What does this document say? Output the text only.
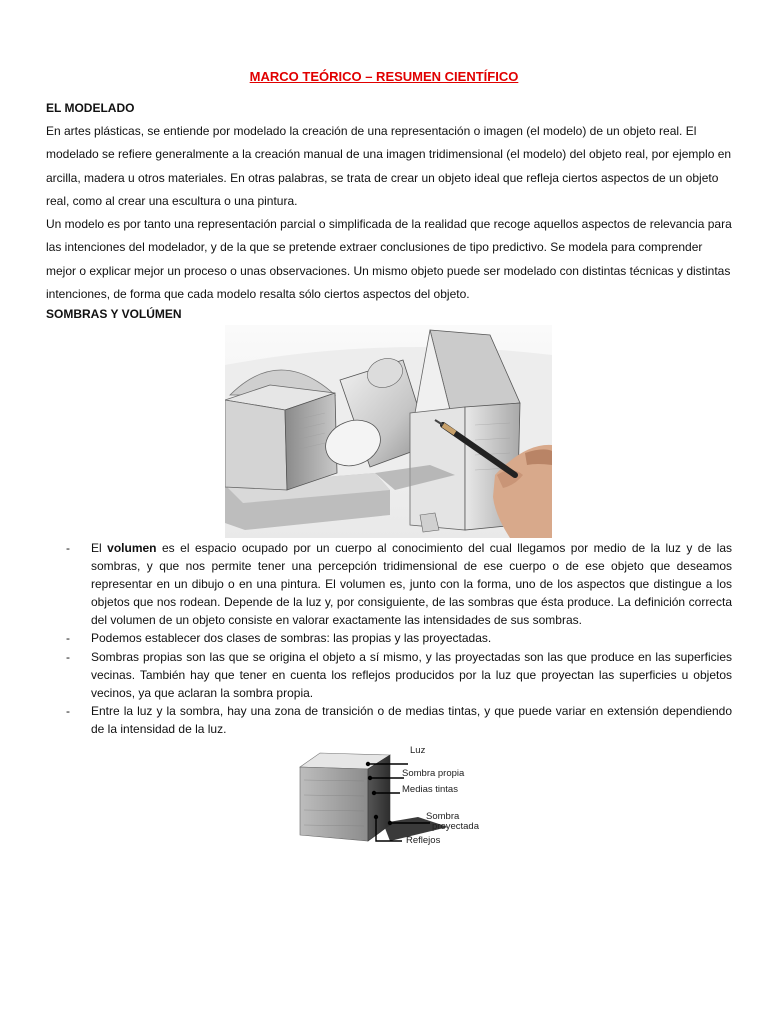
MARCO TEÓRICO – RESUMEN CIENTÍFICO
EL MODELADO

En artes plásticas, se entiende por modelado la creación de una representación o imagen (el modelo) de un objeto real. El modelado se refiere generalmente a la creación manual de una imagen tridimensional (el modelo) del objeto real, por ejemplo en arcilla, madera u otros materiales. En otras palabras, se trata de crear un objeto ideal que refleja ciertos aspectos de un objeto real, como al crear una escultura o una pintura.

Un modelo es por tanto una representación parcial o simplificada de la realidad que recoge aquellos aspectos de relevancia para las intenciones del modelador, y de la que se pretende extraer conclusiones de tipo predictivo. Se modela para comprender mejor o explicar mejor un proceso o unas observaciones. Un mismo objeto puede ser modelado con distintas técnicas y distintas intenciones, de forma que cada modelo resalta sólo ciertos aspectos del objeto.

SOMBRAS Y VOLÚMEN
- El volumen es el espacio ocupado por un cuerpo al conocimiento del cual llegamos por medio de la luz y de las sombras, y que nos permite tener una percepción tridimensional de ese cuerpo o de ese objeto que deseamos representar en un dibujo o en una pintura. El volumen es, junto con la forma, uno de los aspectos que distingue a los objetos que nos rodean. Depende de la luz y, por consiguiente, de las sombras que ésta produce. La definición correcta del volumen de un objeto consiste en valorar exactamente las intensidades de sus sombras.
- Podemos establecer dos clases de sombras: las propias y las proyectadas.
- Sombras propias son las que se origina el objeto a sí mismo, y las proyectadas son las que produce en las superficies vecinas. También hay que tener en cuenta los reflejos producidos por la luz que proyectan las superficies u objetos vecinos, ya que aclaran la sombra propia.
- Entre la luz y la sombra, hay una zona de transición o de medias tintas, y que puede variar en extensión dependiendo de la intensidad de la luz.
Luz
Sombra propia
Medias tintas
Sombra
proyectada
Reflejos
